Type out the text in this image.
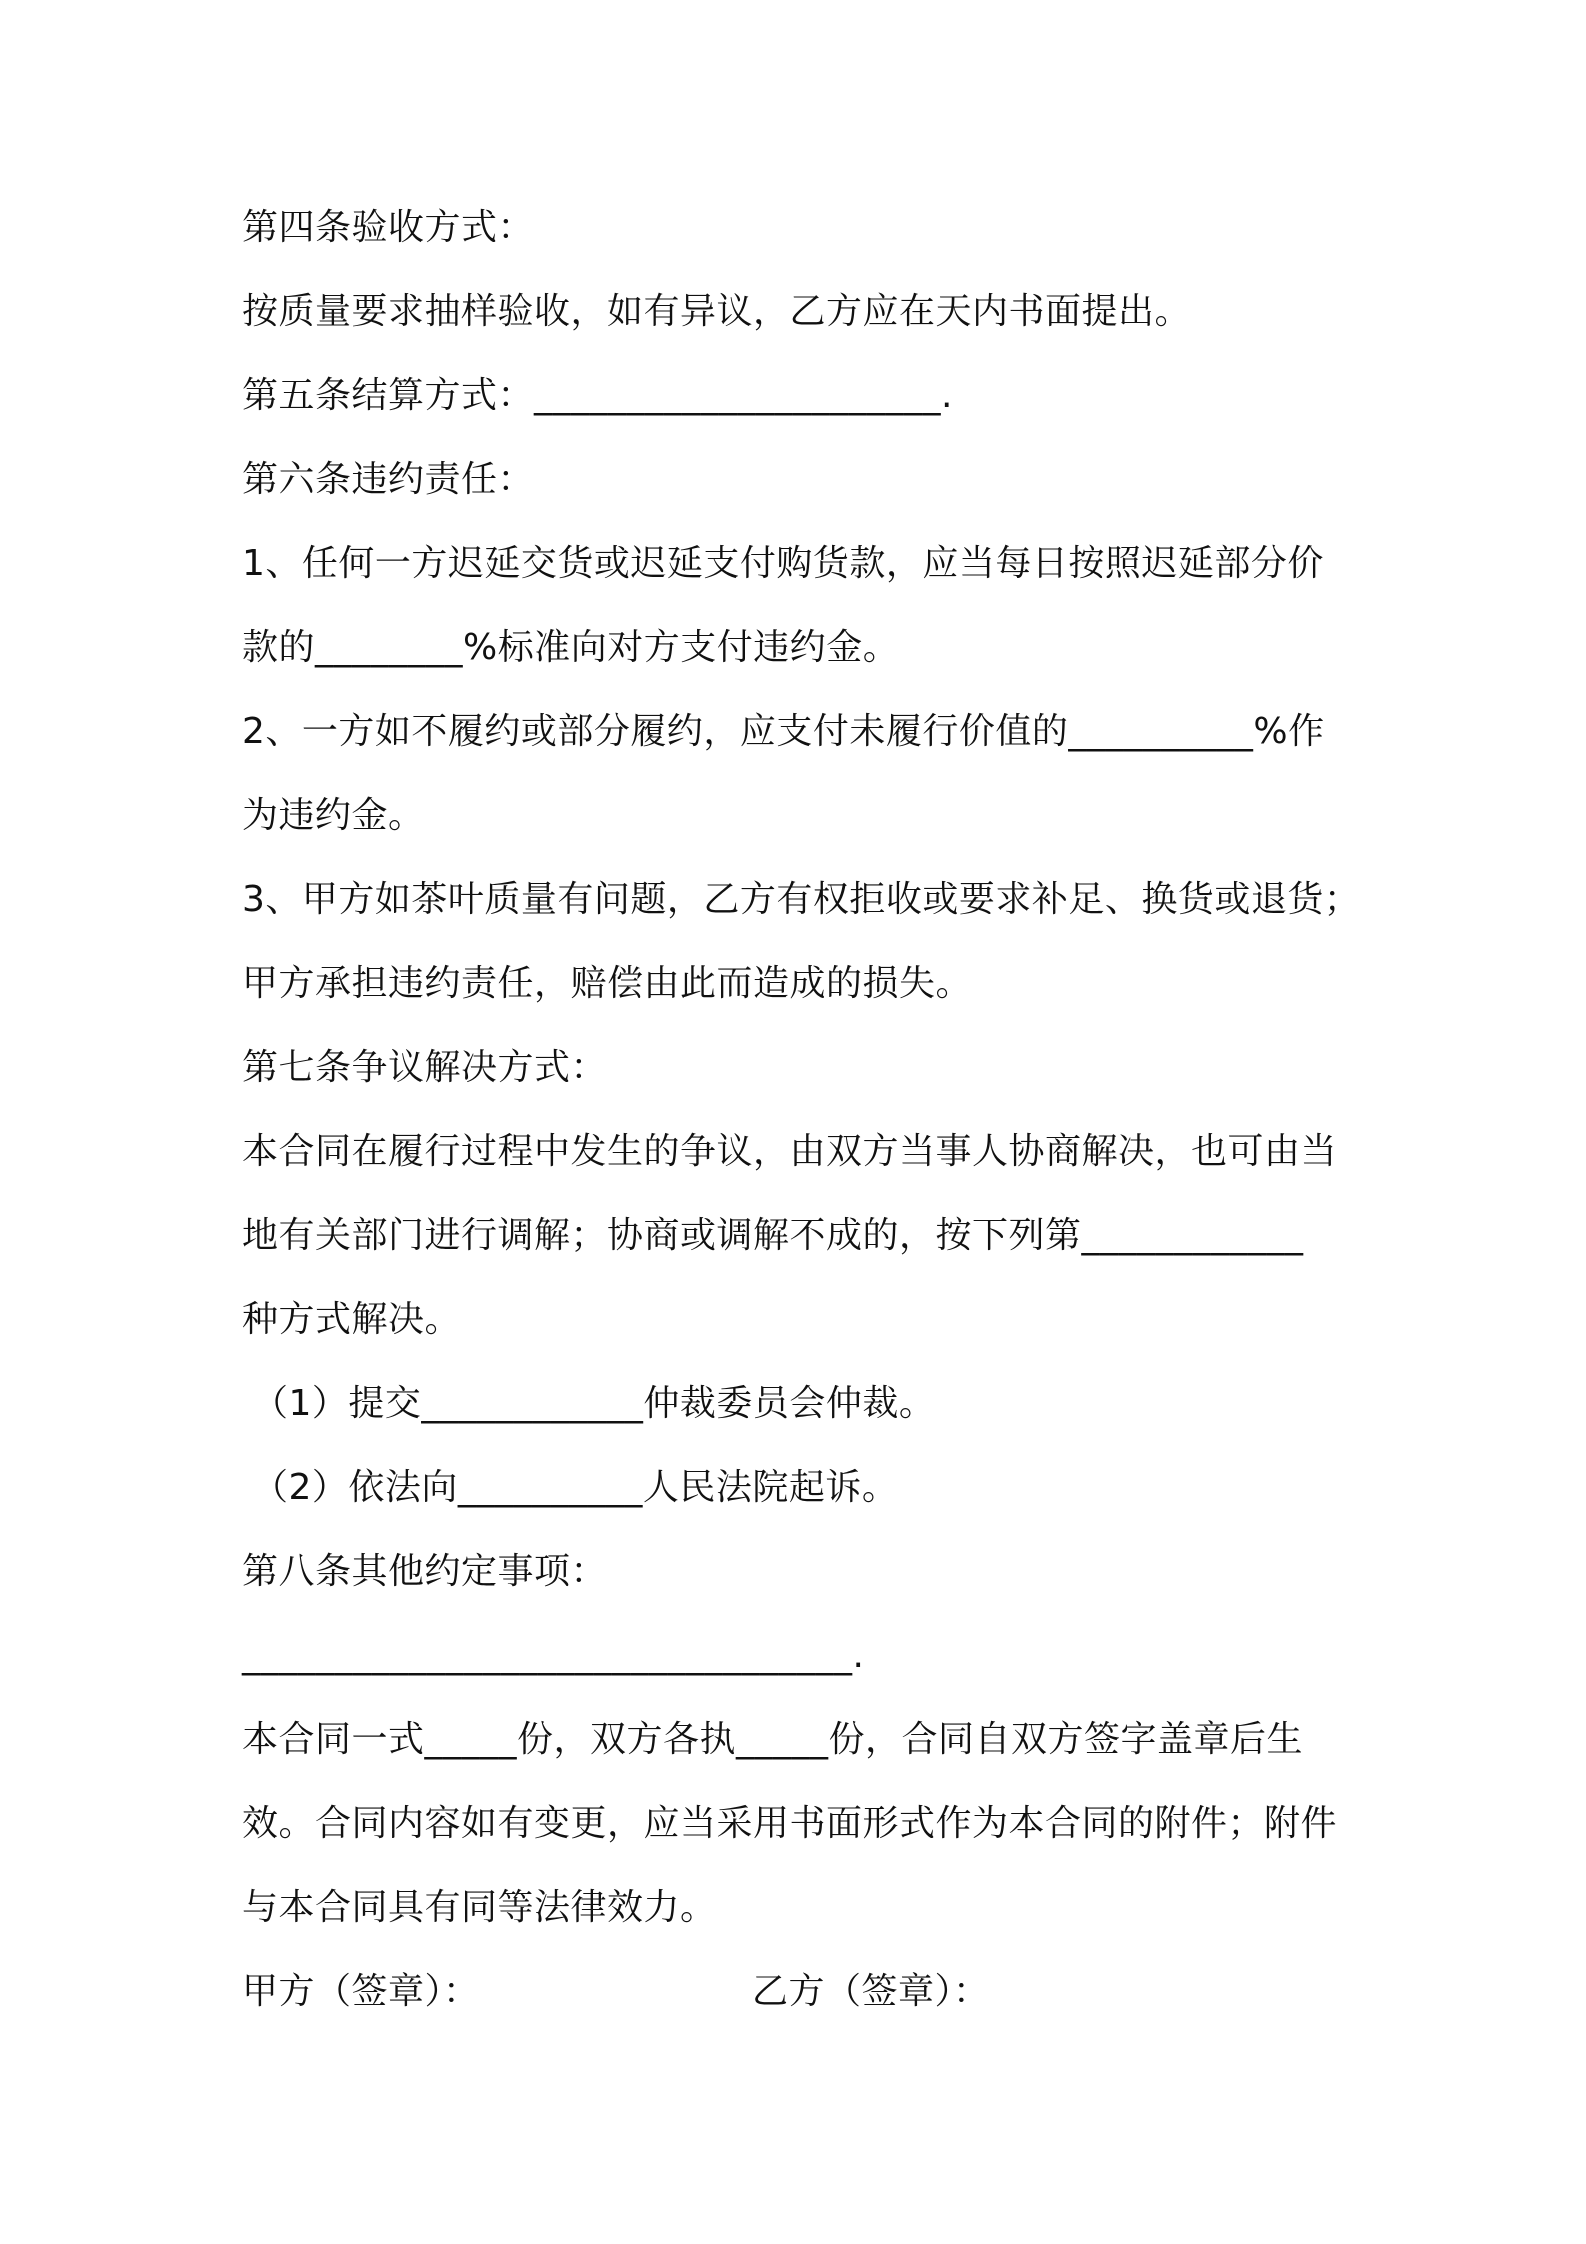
第四条验收方式：
按质量要求抽样验收，如有异议，乙方应在天内书面提出。
第五条结算方式：______________________.
第六条违约责任：
1、任何一方迟延交货或迟延支付购货款，应当每日按照迟延部分价
款的________%标准向对方支付违约金。
2、一方如不履约或部分履约，应支付未履行价值的__________%作
为违约金。
3、甲方如茶叶质量有问题，乙方有权拒收或要求补足、换货或退货；
甲方承担违约责任，赔偿由此而造成的损失。
第七条争议解决方式：
本合同在履行过程中发生的争议，由双方当事人协商解决，也可由当
地有关部门进行调解；协商或调解不成的，按下列第____________
种方式解决。
（1）提交____________仲裁委员会仲裁。
（2）依法向__________人民法院起诉。
第八条其他约定事项：
_________________________________.
本合同一式_____份，双方各执_____份，合同自双方签字盖章后生
效。合同内容如有变更，应当采用书面形式作为本合同的附件；附件
与本合同具有同等法律效力。
甲方（签章）：	乙方（签章）：
